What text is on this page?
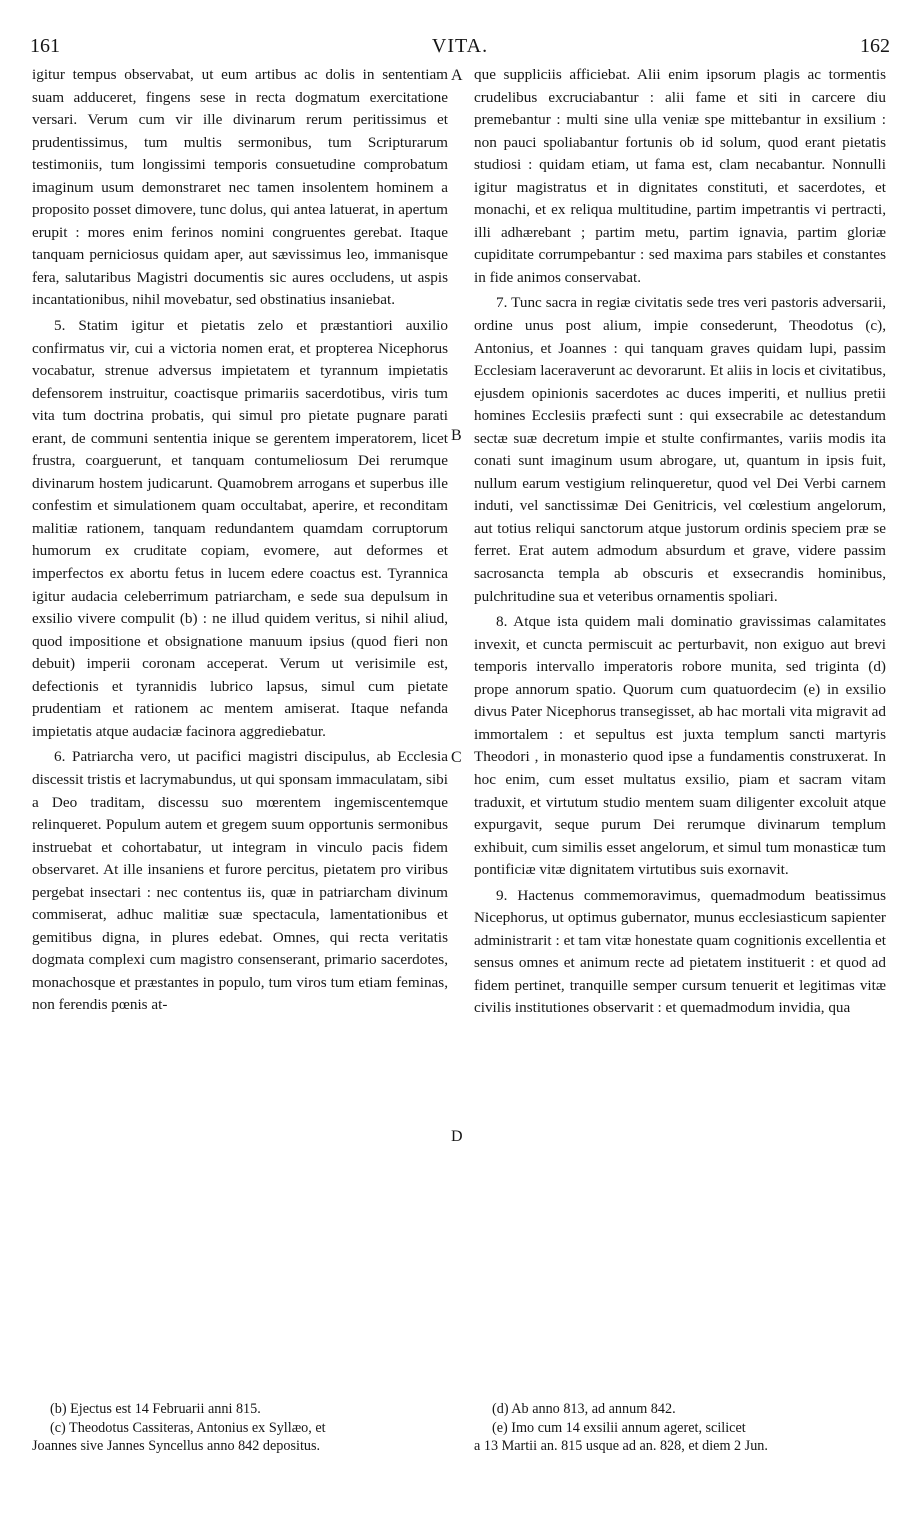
161	VITA.	162

igitur tempus observabat, ut eum artibus ac dolis in sententiam suam adduceret, fingens sese in recta dogmatum exercitatione versari. Verum cum vir ille divinarum rerum peritissimus et prudentissimus, tum multis sermonibus, tum Scripturarum testimoniis, tum longissimi temporis consuetudine comprobatum imaginum usum demonstraret nec tamen insolentem hominem a proposito posset dimovere, tunc dolus, qui antea latuerat, in apertum erupit : mores enim ferinos nomini congruentes gerebat. Itaque tanquam perniciosus quidam aper, aut sævissimus leo, immanisque fera, salutaribus Magistri documentis sic aures occludens, ut aspis incantationibus, nihil movebatur, sed obstinatius insaniebat.

5. Statim igitur et pietatis zelo et præstantiori auxilio confirmatus vir, cui a victoria nomen erat, et propterea Nicephorus vocabatur, strenue adversus impietatem et tyrannum impietatis defensorem instruitur, coactisque primariis sacerdotibus, viris tum vita tum doctrina probatis, qui simul pro pietate pugnare parati erant, de communi sententia inique se gerentem imperatorem, licet frustra, coarguerunt, et tanquam contumeliosum Dei rerumque divinarum hostem judicarunt. Quamobrem arrogans et superbus ille confestim et simulationem quam occultabat, aperire, et reconditam malitiæ rationem, tanquam redundantem quamdam corruptorum humorum ex cruditate copiam, evomere, aut deformes et imperfectos ex abortu fetus in lucem edere coactus est. Tyrannica igitur audacia celeberrimum patriarcham, e sede sua depulsum in exsilio vivere compulit (b) : ne illud quidem veritus, si nihil aliud, quod impositione et obsignatione manuum ipsius (quod fieri non debuit) imperii coronam acceperat. Verum ut verisimile est, defectionis et tyrannidis lubrico lapsus, simul cum pietate prudentiam et rationem ac mentem amiserat. Itaque nefanda impietatis atque audaciæ facinora aggrediebatur.

6. Patriarcha vero, ut pacifici magistri discipulus, ab Ecclesia discessit tristis et lacrymabundus, ut qui sponsam immaculatam, sibi a Deo traditam, discessu suo mœrentem ingemiscentemque relinqueret. Populum autem et gregem suum opportunis sermonibus instruebat et cohortabatur, ut integram in vinculo pacis fidem observaret. At ille insaniens et furore percitus, pietatem pro viribus pergebat insectari : nec contentus iis, quæ in patriarcham divinum commiserat, adhuc malitiæ suæ spectacula, lamentationibus et gemitibus digna, in plures edebat. Omnes, qui recta veritatis dogmata complexi cum magistro consenserant, primario sacerdotes, monachosque et præstantes in populo, tum viros tum etiam feminas, non ferendis pœnis at-

A
B
C
D

que suppliciis afficiebat. Alii enim ipsorum plagis ac tormentis crudelibus excruciabantur : alii fame et siti in carcere diu premebantur : multi sine ulla veniæ spe mittebantur in exsilium : non pauci spoliabantur fortunis ob id solum, quod erant pietatis studiosi : quidam etiam, ut fama est, clam necabantur. Nonnulli igitur magistratus et in dignitates constituti, et sacerdotes, et monachi, et ex reliqua multitudine, partim impetrantis vi pertracti, illi adhærebant ; partim metu, partim ignavia, partim gloriæ cupiditate corrumpebantur : sed maxima pars stabiles et constantes in fide animos conservabat.

7. Tunc sacra in regiæ civitatis sede tres veri pastoris adversarii, ordine unus post alium, impie consederunt, Theodotus (c), Antonius, et Joannes : qui tanquam graves quidam lupi, passim Ecclesiam laceraverunt ac devorarunt. Et aliis in locis et civitatibus, ejusdem opinionis sacerdotes ac duces imperiti, et nullius pretii homines Ecclesiis præfecti sunt : qui exsecrabile ac detestandum sectæ suæ decretum impie et stulte confirmantes, variis modis ita conati sunt imaginum usum abrogare, ut, quantum in ipsis fuit, nullum earum vestigium relinqueretur, quod vel Dei Verbi carnem induti, vel sanctissimæ Dei Genitricis, vel cœlestium angelorum, aut totius reliqui sanctorum atque justorum ordinis speciem præ se ferret. Erat autem admodum absurdum et grave, videre passim sacrosancta templa ab obscuris et exsecrandis hominibus, pulchritudine sua et veteribus ornamentis spoliari.

8. Atque ista quidem mali dominatio gravissimas calamitates invexit, et cuncta permiscuit ac perturbavit, non exiguo aut brevi temporis intervallo imperatoris robore munita, sed triginta (d) prope annorum spatio. Quorum cum quatuordecim (e) in exsilio divus Pater Nicephorus transegisset, ab hac mortali vita migravit ad immortalem : et sepultus est juxta templum sancti martyris Theodori , in monasterio quod ipse a fundamentis construxerat. In hoc enim, cum esset multatus exsilio, piam et sacram vitam traduxit, et virtutum studio mentem suam diligenter excoluit atque expurgavit, seque purum Dei rerumque divinarum templum exhibuit, cum similis esset angelorum, et simul tum monasticæ tum pontificiæ vitæ dignitatem virtutibus suis exornavit.

9. Hactenus commemoravimus, quemadmodum beatissimus Nicephorus, ut optimus gubernator, munus ecclesiasticum sapienter administrarit : et tam vitæ honestate quam cognitionis excellentia et sensus omnes et animum recte ad pietatem instituerit : et quod ad fidem pertinet, tranquille semper cursum tenuerit et legitimas vitæ civilis institutiones observarit : et quemadmodum invidia, qua

(b) Ejectus est 14 Februarii anni 815.
(c) Theodotus Cassiteras, Antonius ex Syllæo, et
Joannes sive Jannes Syncellus anno 842 depositus.
(d) Ab anno 813, ad annum 842.
(e) Imo cum 14 exsilii annum ageret, scilicet
a 13 Martii an. 815 usque ad an. 828, et diem 2 Jun.
